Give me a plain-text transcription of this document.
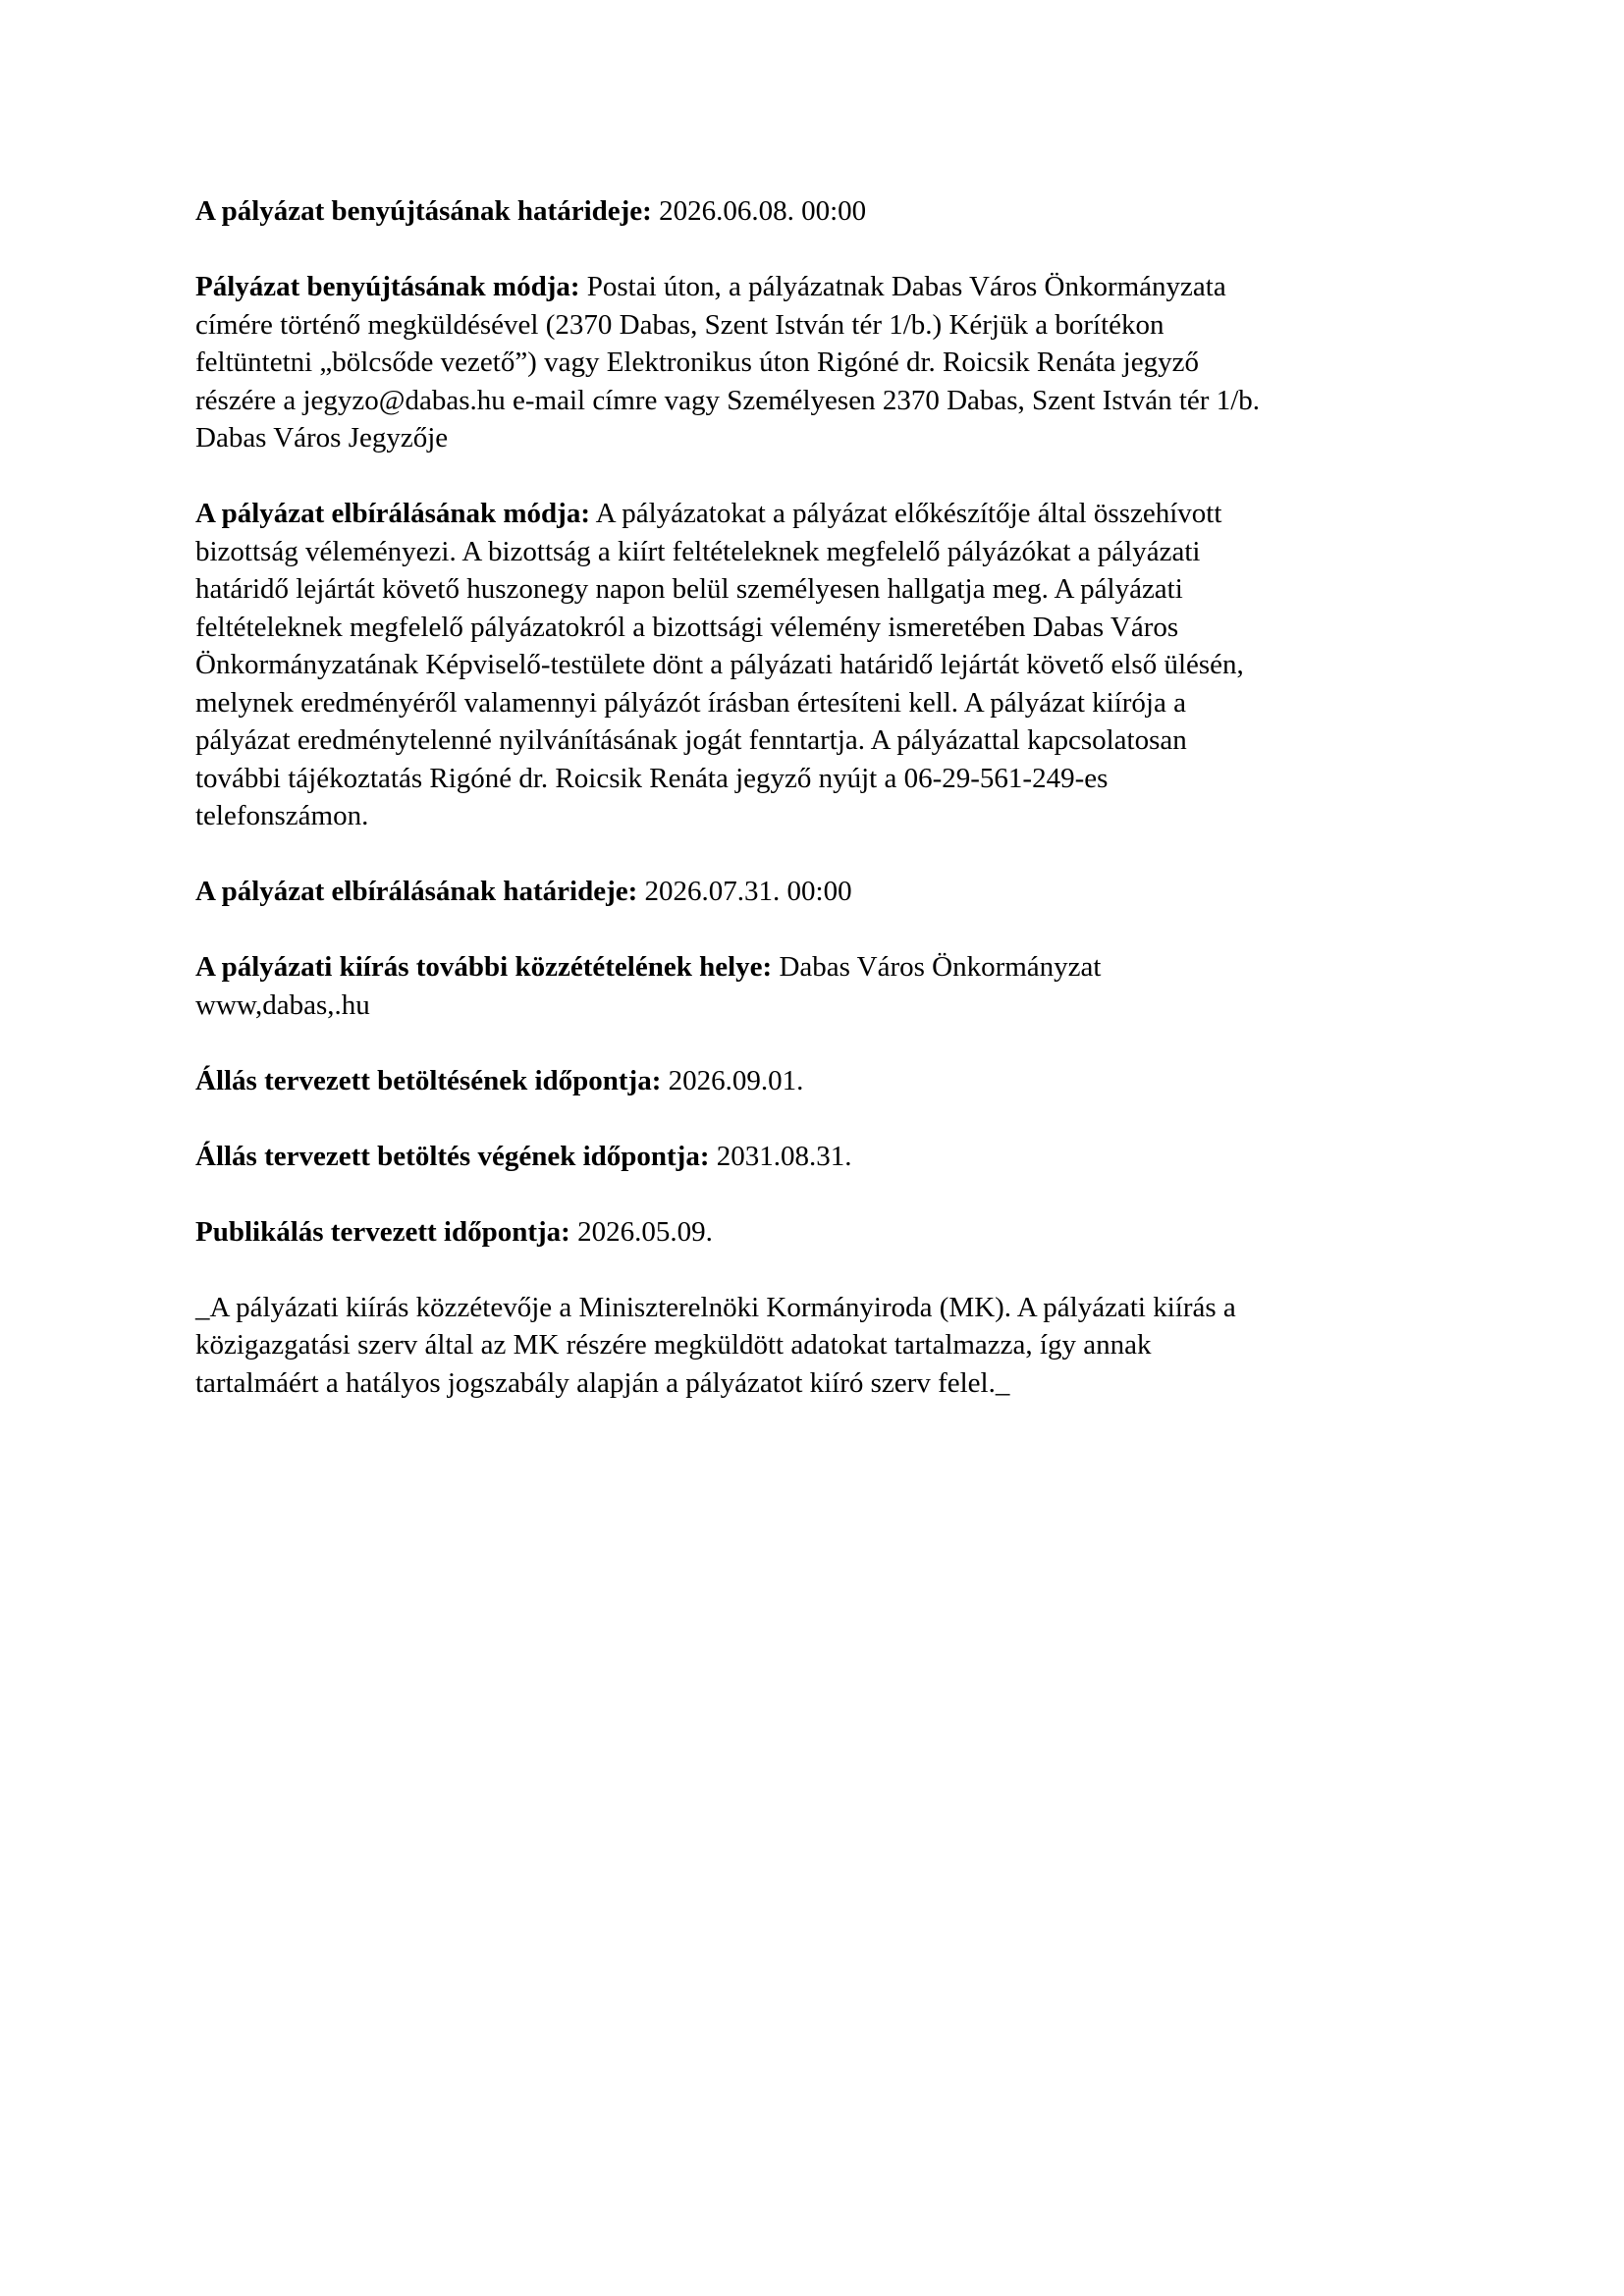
A pályázat benyújtásának határideje: 2026.06.08. 00:00

Pályázat benyújtásának módja: Postai úton, a pályázatnak Dabas Város Önkormányzata
címére történő megküldésével (2370 Dabas, Szent István tér 1/b.) Kérjük a borítékon
feltüntetni „bölcsőde vezető”) vagy Elektronikus úton Rigóné dr. Roicsik Renáta jegyző
részére a jegyzo@dabas.hu e-mail címre vagy Személyesen 2370 Dabas, Szent István tér 1/b.
Dabas Város Jegyzője

A pályázat elbírálásának módja: A pályázatokat a pályázat előkészítője által összehívott
bizottság véleményezi. A bizottság a kiírt feltételeknek megfelelő pályázókat a pályázati
határidő lejártát követő huszonegy napon belül személyesen hallgatja meg. A pályázati
feltételeknek megfelelő pályázatokról a bizottsági vélemény ismeretében Dabas Város
Önkormányzatának Képviselő-testülete dönt a pályázati határidő lejártát követő első ülésén,
melynek eredményéről valamennyi pályázót írásban értesíteni kell. A pályázat kiírója a
pályázat eredménytelenné nyilvánításának jogát fenntartja. A pályázattal kapcsolatosan
további tájékoztatás Rigóné dr. Roicsik Renáta jegyző nyújt a 06-29-561-249-es
telefonszámon.

A pályázat elbírálásának határideje: 2026.07.31. 00:00

A pályázati kiírás további közzétételének helye: Dabas Város Önkormányzat
www,dabas,.hu

Állás tervezett betöltésének időpontja: 2026.09.01.

Állás tervezett betöltés végének időpontja: 2031.08.31.

Publikálás tervezett időpontja: 2026.05.09.

_A pályázati kiírás közzétevője a Miniszterelnöki Kormányiroda (MK). A pályázati kiírás a
közigazgatási szerv által az MK részére megküldött adatokat tartalmazza, így annak
tartalmáért a hatályos jogszabály alapján a pályázatot kiíró szerv felel._
